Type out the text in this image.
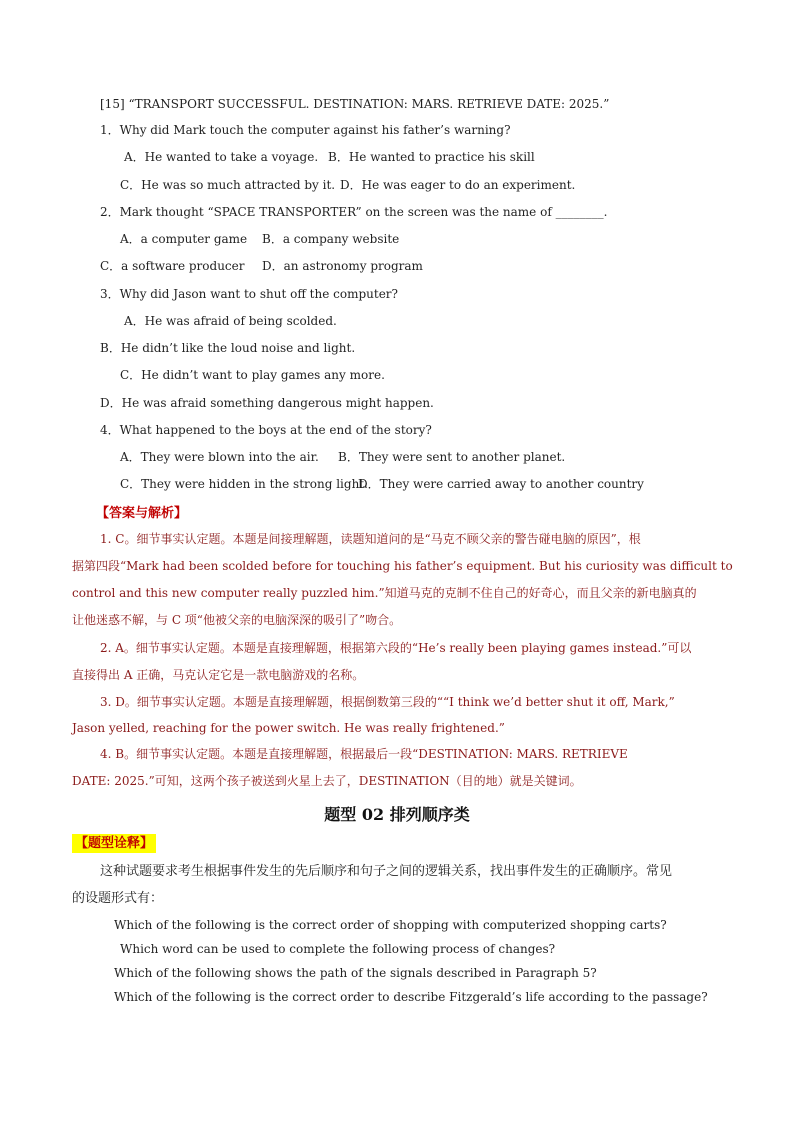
[15] “TRANSPORT SUCCESSFUL. DESTINATION: MARS. RETRIEVE DATE: 2025.”
1．Why did Mark touch the computer against his father’s warning?
A．He wanted to take a voyage. B．He wanted to practice his skill
C．He was so much attracted by it. D．He was eager to do an experiment.
2．Mark thought “SPACE TRANSPORTER” on the screen was the name of ________.
A．a computer game B．a company website
C．a software producer D．an astronomy program
3．Why did Jason want to shut off the computer?
A．He was afraid of being scolded.
B．He didn’t like the loud noise and light.
C．He didn’t want to play games any more.
D．He was afraid something dangerous might happen.
4．What happened to the boys at the end of the story?
A．They were blown into the air. B．They were sent to another planet.
C．They were hidden in the strong light.
D．They were carried away to another country
【答案与解析】
1. C。细节事实认定题。本题是间接理解题，读题知道问的是“马克不顾父亲的警告碰电脑的原因”，根
据第四段“Mark had been scolded before for touching his father’s equipment. But his curiosity was difficult to
control and this new computer really puzzled him.”知道马克的克制不住自己的好奇心，而且父亲的新电脑真的
让他迷惑不解，与 C 项“他被父亲的电脑深深的吸引了”吻合。
2. A。细节事实认定题。本题是直接理解题，根据第六段的“He’s really been playing games instead.”可以
直接得出 A 正确，马克认定它是一款电脑游戏的名称。
3. D。细节事实认定题。本题是直接理解题，根据倒数第三段的““I think we’d better shut it off, Mark,”
Jason yelled, reaching for the power switch. He was really frightened.”
4. B。细节事实认定题。本题是直接理解题，根据最后一段“DESTINATION: MARS. RETRIEVE
DATE: 2025.”可知，这两个孩子被送到火星上去了，DESTINATION（目的地）就是关键词。
题型 02 排列顺序类
【题型诠释】
这种试题要求考生根据事件发生的先后顺序和句子之间的逻辑关系，找出事件发生的正确顺序。常见
的设题形式有：
Which of the following is the correct order of shopping with computerized shopping carts?
Which word can be used to complete the following process of changes?
Which of the following shows the path of the signals described in Paragraph 5?
Which of the following is the correct order to describe Fitzgerald’s life according to the passage?
